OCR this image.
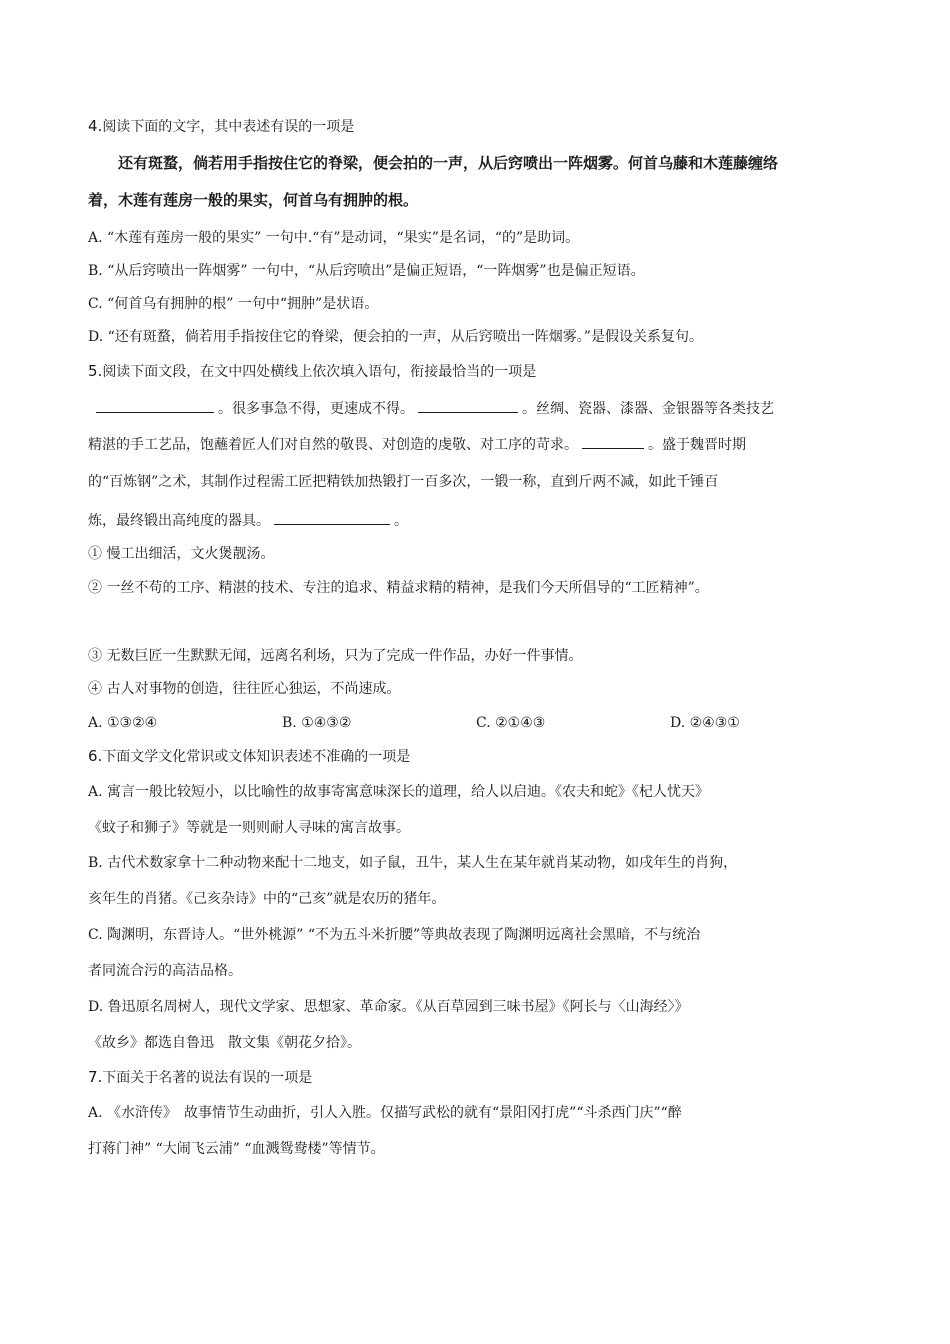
4.阅读下面的文字，其中表述有误的一项是
还有斑蝥，倘若用手指按住它的脊梁，便会拍的一声，从后窍喷出一阵烟雾。何首乌藤和木莲藤缠络
着，木莲有莲房一般的果实，何首乌有拥肿的根。
A. “木莲有莲房一般的果实” 一句中.“有”是动词，“果实”是名词，“的”是助词。
B. “从后窍喷出一阵烟雾” 一句中，“从后窍喷出”是偏正短语，“一阵烟雾”也是偏正短语。
C. “何首乌有拥肿的根” 一句中“拥肿”是状语。
D. “还有斑蝥，倘若用手指按住它的脊梁，便会拍的一声，从后窍喷出一阵烟雾。”是假设关系复句。
5.阅读下面文段，在文中四处横线上依次填入语句，衔接最恰当的一项是
。很多事急不得，更速成不得。	。丝绸、瓷器、漆器、金银器等各类技艺
精湛的手工艺品，饱蘸着匠人们对自然的敬畏、对创造的虔敬、对工序的苛求。	。盛于魏晋时期
的“百炼钢”之术，其制作过程需工匠把精铁加热锻打一百多次，一锻一称，直到斤两不减，如此千锤百
炼，最终锻出高纯度的器具。	。
① 慢工出细活，文火煲靓汤。
② 一丝不苟的工序、精湛的技术、专注的追求、精益求精的精神，是我们今天所倡导的“工匠精神”。
③ 无数巨匠一生默默无闻，远离名利场，只为了完成一件作品，办好一件事情。
④ 古人对事物的创造，往往匠心独运，不尚速成。
A. ①③②④	B. ①④③②	C. ②①④③	D. ②④③①
6.下面文学文化常识或文体知识表述不准确的一项是
A. 寓言一般比较短小，以比喻性的故事寄寓意味深长的道理，给人以启迪。《农夫和蛇》《杞人忧天》
《蚊子和狮子》等就是一则则耐人寻味的寓言故事。
B. 古代术数家拿十二种动物来配十二地支，如子鼠，丑牛，某人生在某年就肖某动物，如戌年生的肖狗，
亥年生的肖猪。《己亥杂诗》中的“己亥”就是农历的猪年。
C. 陶渊明，东晋诗人。“世外桃源” “不为五斗米折腰”等典故表现了陶渊明远离社会黑暗，不与统治
者同流合污的高洁品格。
D. 鲁迅原名周树人，现代文学家、思想家、革命家。《从百草园到三味书屋》《阿长与〈山海经〉》
《故乡》都选自鲁迅　散文集《朝花夕拾》。
7.下面关于名著的说法有误的一项是
A. 《水浒传》　故事情节生动曲折，引人入胜。仅描写武松的就有“景阳冈打虎”“斗杀西门庆”“醉
打蒋门神” “大闹飞云浦” “血溅鸳鸯楼”等情节。
